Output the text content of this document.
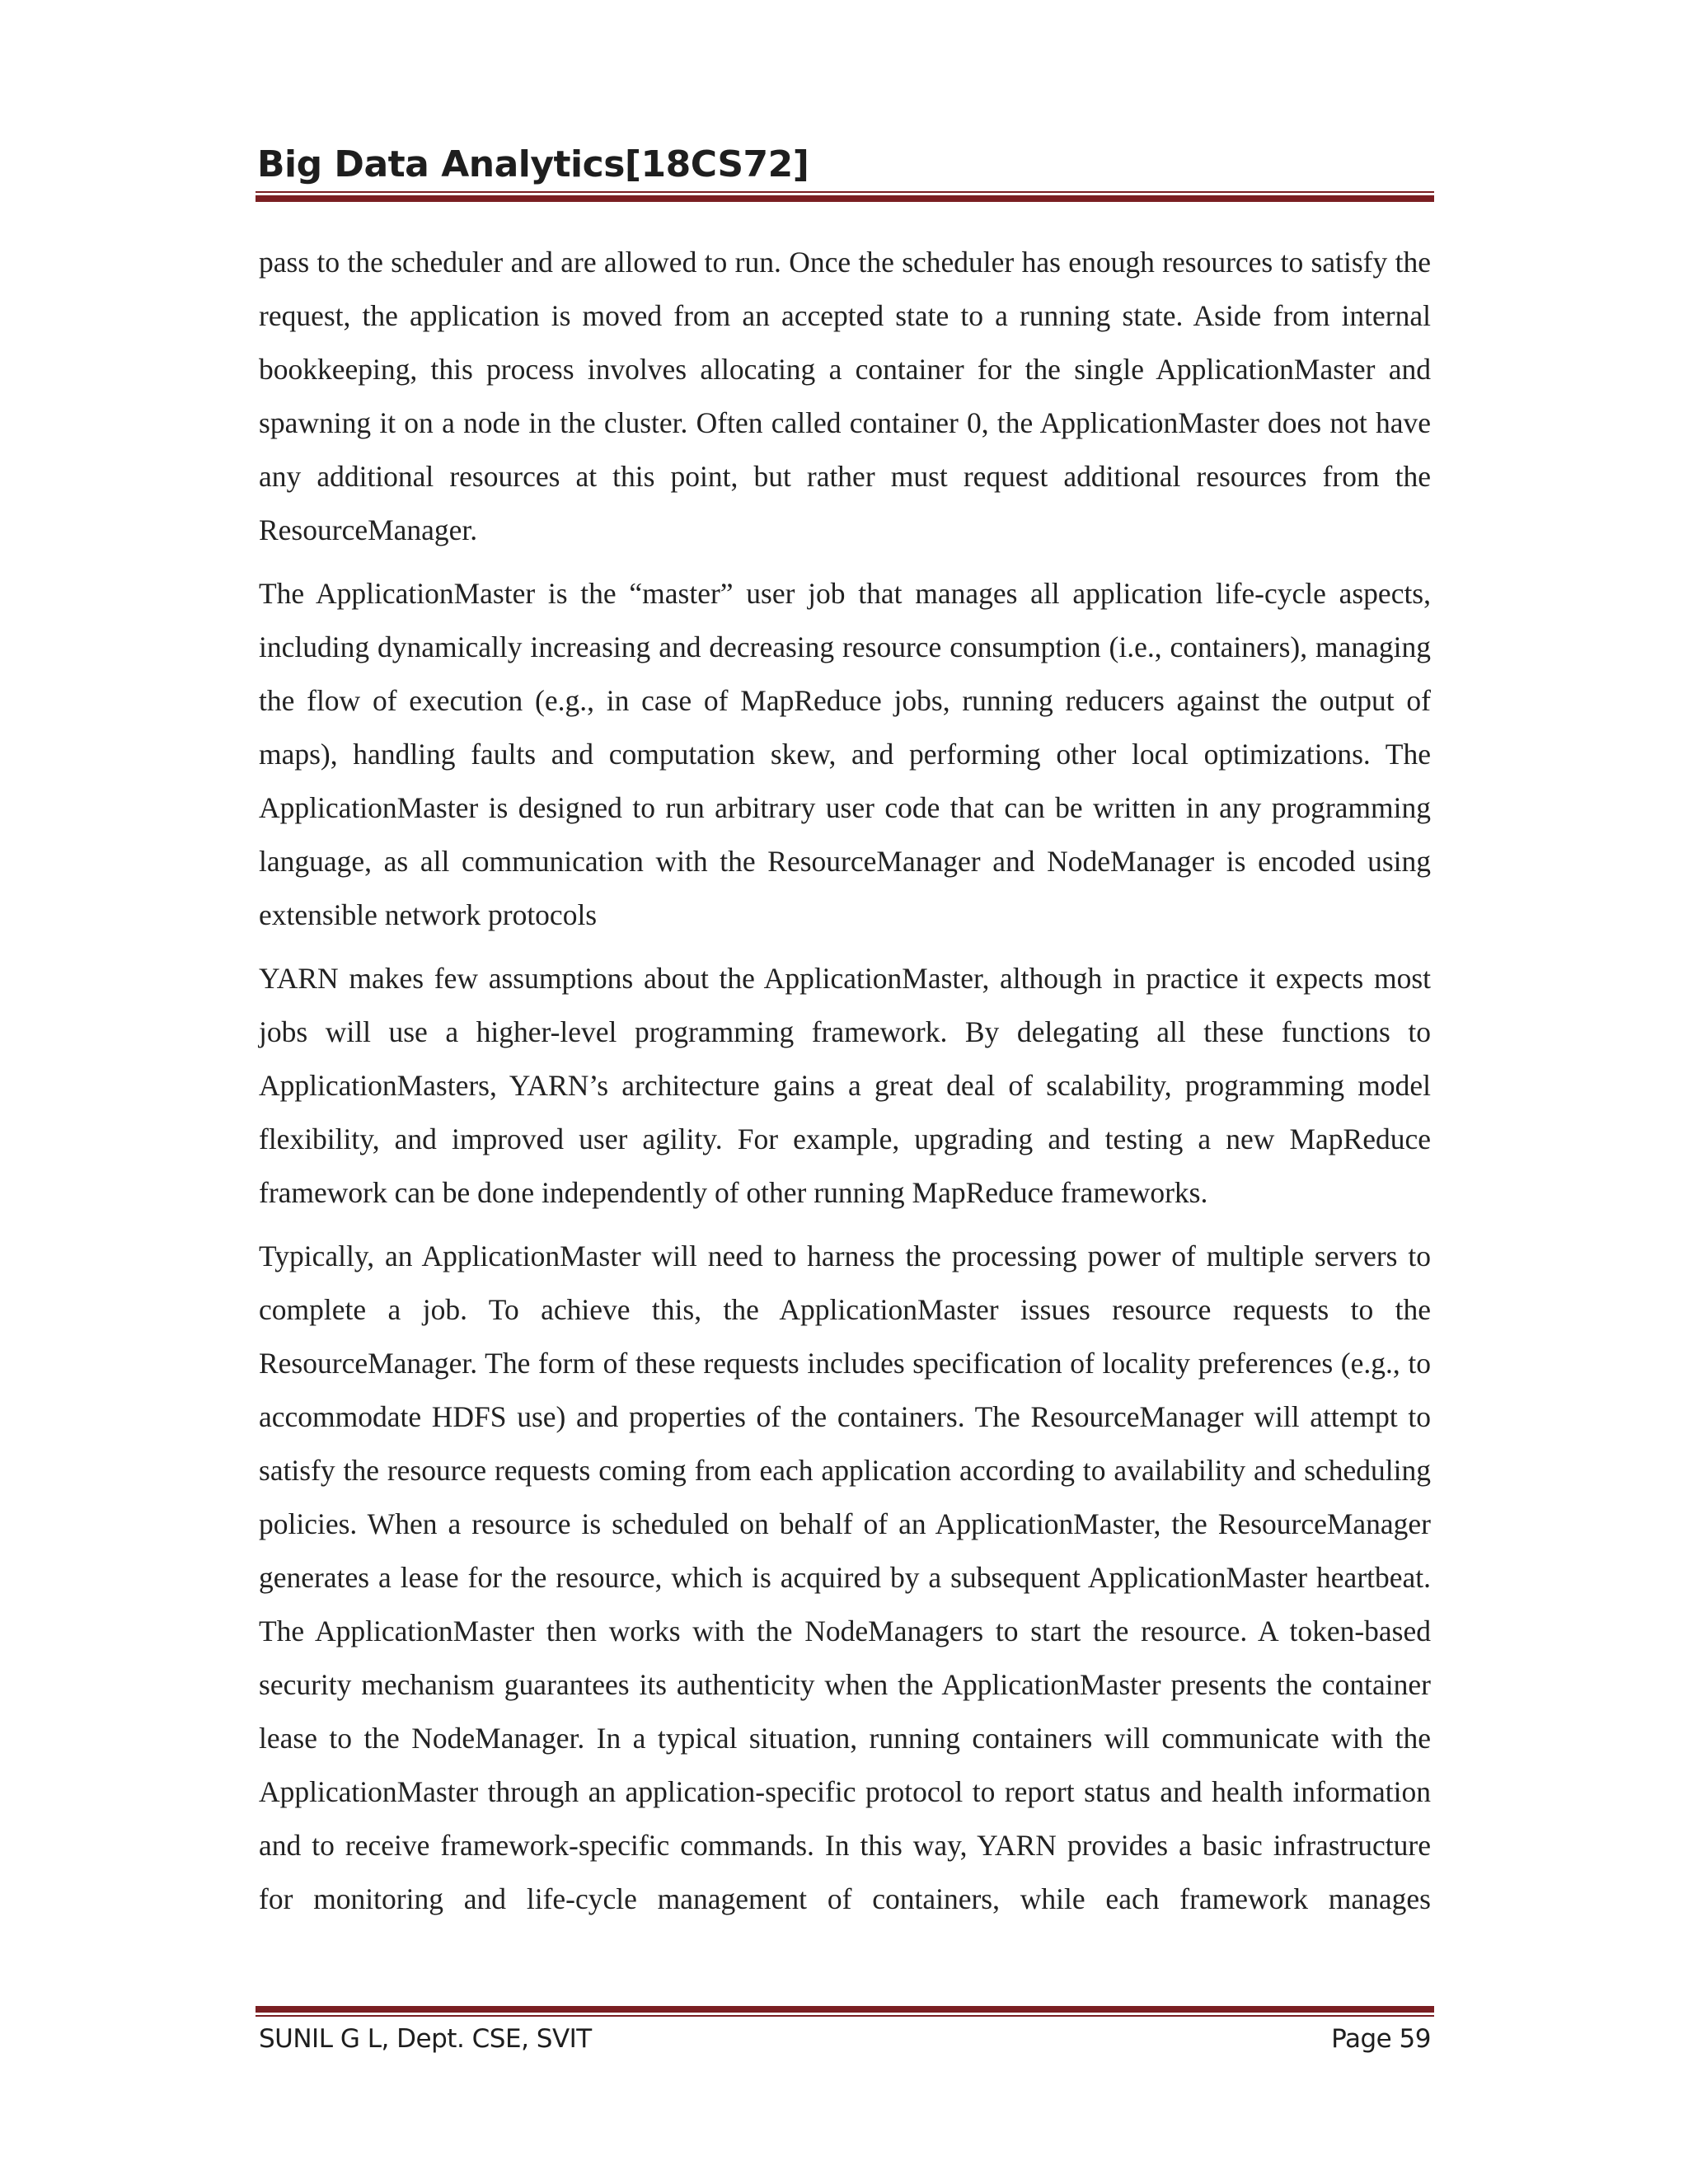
Big Data Analytics[18CS72]

pass to the scheduler and are allowed to run. Once the scheduler has enough resources to satisfy the request, the application is moved from an accepted state to a running state. Aside from internal bookkeeping, this process involves allocating a container for the single ApplicationMaster and spawning it on a node in the cluster. Often called container 0, the ApplicationMaster does not have any additional resources at this point, but rather must request additional resources from the ResourceManager.

The ApplicationMaster is the “master” user job that manages all application life-cycle aspects, including dynamically increasing and decreasing resource consumption (i.e., containers), managing the flow of execution (e.g., in case of MapReduce jobs, running reducers against the output of maps), handling faults and computation skew, and performing other local optimizations. The ApplicationMaster is designed to run arbitrary user code that can be written in any programming language, as all communication with the ResourceManager and NodeManager is encoded using extensible network protocols

YARN makes few assumptions about the ApplicationMaster, although in practice it expects most jobs will use a higher-level programming framework. By delegating all these functions to ApplicationMasters, YARN’s architecture gains a great deal of scalability, programming model flexibility, and improved user agility. For example, upgrading and testing a new MapReduce framework can be done independently of other running MapReduce frameworks.

Typically, an ApplicationMaster will need to harness the processing power of multiple servers to complete a job. To achieve this, the ApplicationMaster issues resource requests to the ResourceManager. The form of these requests includes specification of locality preferences (e.g., to accommodate HDFS use) and properties of the containers. The ResourceManager will attempt to satisfy the resource requests coming from each application according to availability and scheduling policies. When a resource is scheduled on behalf of an ApplicationMaster, the ResourceManager generates a lease for the resource, which is acquired by a subsequent ApplicationMaster heartbeat. The ApplicationMaster then works with the NodeManagers to start the resource. A token-based security mechanism guarantees its authenticity when the ApplicationMaster presents the container lease to the NodeManager. In a typical situation, running containers will communicate with the ApplicationMaster through an application-specific protocol to report status and health information and to receive framework-specific commands. In this way, YARN provides a basic infrastructure for monitoring and life-cycle management of containers, while each framework manages

SUNIL G L, Dept. CSE, SVIT	Page 59
